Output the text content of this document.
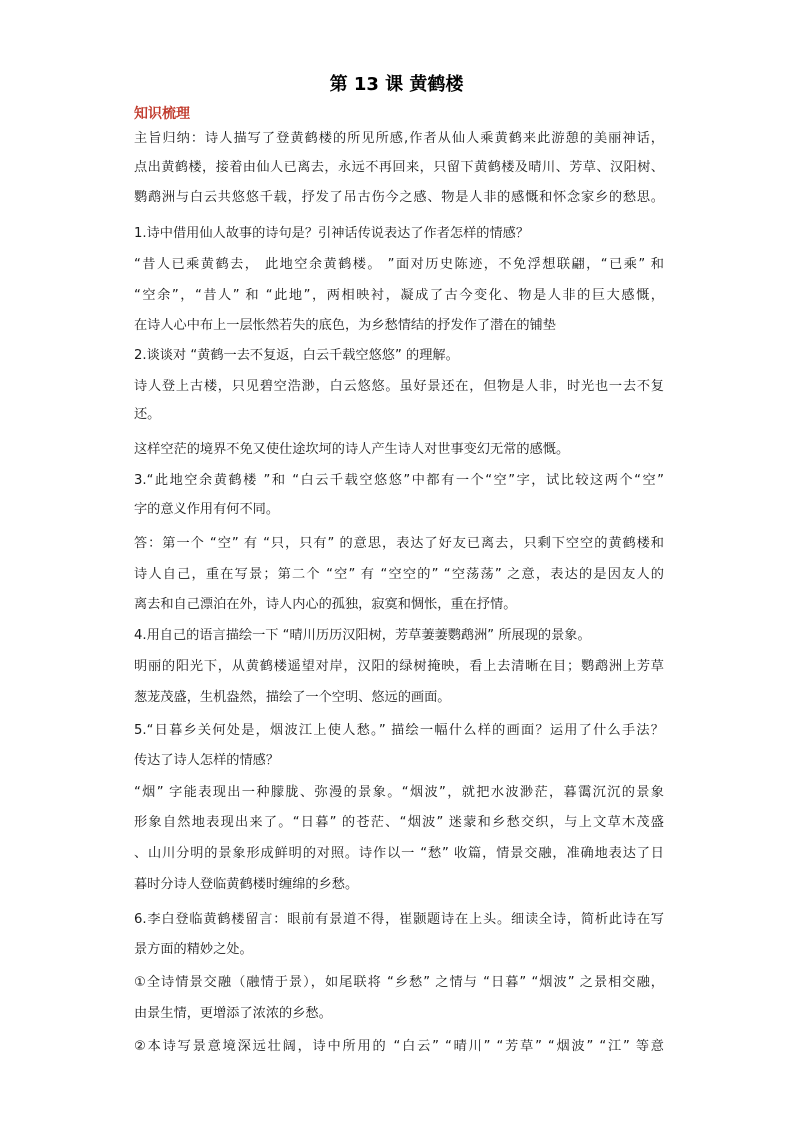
第 13 课 黄鹤楼
知识梳理
主旨归纳：诗人描写了登黄鹤楼的所见所感,作者从仙人乘黄鹤来此游憩的美丽神话，
点出黄鹤楼，接着由仙人已离去，永远不再回来，只留下黄鹤楼及晴川、芳草、汉阳树、
鹦鹉洲与白云共悠悠千载，抒发了吊古伤今之感、物是人非的感慨和怀念家乡的愁思。
1.诗中借用仙人故事的诗句是？引神话传说表达了作者怎样的情感？
“昔人已乘黄鹤去， 此地空余黄鹤楼。 ”面对历史陈迹，不免浮想联翩，“已乘” 和
“空余”，“昔人” 和 “此地”，两相映衬，凝成了古今变化、物是人非的巨大感慨，
在诗人心中布上一层怅然若失的底色，为乡愁情结的抒发作了潜在的铺垫
2.谈谈对 “黄鹤一去不复返，白云千载空悠悠” 的理解。
诗人登上古楼，只见碧空浩渺，白云悠悠。虽好景还在，但物是人非，时光也一去不复
还。
这样空茫的境界不免又使仕途坎坷的诗人产生诗人对世事变幻无常的感慨。
3.“此地空余黄鹤楼 ”和 “白云千载空悠悠”中都有一个“空”字，试比较这两个“空”
字的意义作用有何不同。
答：第一个 “空” 有 “只，只有” 的意思，表达了好友已离去，只剩下空空的黄鹤楼和
诗人自己，重在写景；第二个 “空” 有 “空空的” “空荡荡” 之意，表达的是因友人的
离去和自己漂泊在外，诗人内心的孤独，寂寞和惆怅，重在抒情。
4.用自己的语言描绘一下 “晴川历历汉阳树，芳草萋萋鹦鹉洲” 所展现的景象。
明丽的阳光下，从黄鹤楼遥望对岸，汉阳的绿树掩映，看上去清晰在目；鹦鹉洲上芳草
葱茏茂盛，生机盎然，描绘了一个空明、悠远的画面。
5.“日暮乡关何处是，烟波江上使人愁。” 描绘一幅什么样的画面？运用了什么手法？
传达了诗人怎样的情感？
“烟” 字能表现出一种朦胧、弥漫的景象。“烟波”，就把水波渺茫，暮霭沉沉的景象
形象自然地表现出来了。“日暮” 的苍茫、“烟波” 迷蒙和乡愁交织，与上文草木茂盛
、山川分明的景象形成鲜明的对照。诗作以一 “愁” 收篇，情景交融，准确地表达了日
暮时分诗人登临黄鹤楼时缠绵的乡愁。
6.李白登临黄鹤楼留言：眼前有景道不得，崔颢题诗在上头。细读全诗，简析此诗在写
景方面的精妙之处。
①全诗情景交融（融情于景），如尾联将 “乡愁” 之情与 “日暮” “烟波” 之景相交融，
由景生情，更增添了浓浓的乡愁。
②本诗写景意境深远壮阔，诗中所用的 “白云” “晴川” “芳草” “烟波” “江” 等意
